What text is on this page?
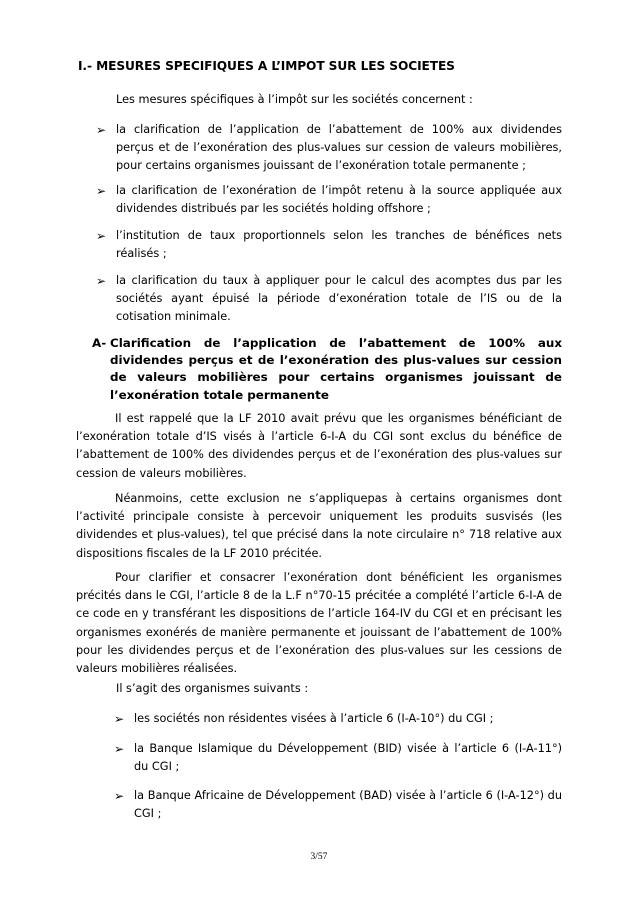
I.- MESURES SPECIFIQUES A L’IMPOT SUR LES SOCIETES
Les mesures spécifiques à l’impôt sur les sociétés concernent :
➢ la clarification de l’application de l’abattement de 100% aux dividendes perçus et de l’exonération des plus-values sur cession de valeurs mobilières, pour certains organismes jouissant de l’exonération totale permanente ;
➢ la clarification de l’exonération de l’impôt retenu à la source appliquée aux dividendes distribués par les sociétés holding offshore ;
➢ l’institution de taux proportionnels selon les tranches de bénéfices nets réalisés ;
➢ la clarification du taux à appliquer pour le calcul des acomptes dus par les sociétés ayant épuisé la période d’exonération totale de l’IS ou de la cotisation minimale.
A- Clarification de l’application de l’abattement de 100% aux dividendes perçus et de l’exonération des plus-values sur cession de valeurs mobilières pour certains organismes jouissant de l’exonération totale permanente
Il est rappelé que la LF 2010 avait prévu que les organismes bénéficiant de l’exonération totale d’IS visés à l’article 6-I-A du CGI sont exclus du bénéfice de l’abattement de 100% des dividendes perçus et de l’exonération des plus-values sur cession de valeurs mobilières.
Néanmoins, cette exclusion ne s’appliquepas à certains organismes dont l’activité principale consiste à percevoir uniquement les produits susvisés (les dividendes et plus-values), tel que précisé dans la note circulaire n° 718 relative aux dispositions fiscales de la LF 2010 précitée.
Pour clarifier et consacrer l’exonération dont bénéficient les organismes précités dans le CGI, l’article 8 de la L.F n°70-15 précitée a complété l’article 6-I-A de ce code en y transférant les dispositions de l’article 164-IV du CGI et en précisant les organismes exonérés de manière permanente et jouissant de l’abattement de 100% pour les dividendes perçus et de l’exonération des plus-values sur les cessions de valeurs mobilières réalisées.
Il s’agit des organismes suivants :
➢ les sociétés non résidentes visées à l’article 6 (I-A-10°) du CGI ;
➢ la Banque Islamique du Développement (BID) visée à l’article 6 (I-A-11°) du CGI ;
➢ la Banque Africaine de Développement (BAD) visée à l’article 6 (I-A-12°) du CGI ;
3/57
